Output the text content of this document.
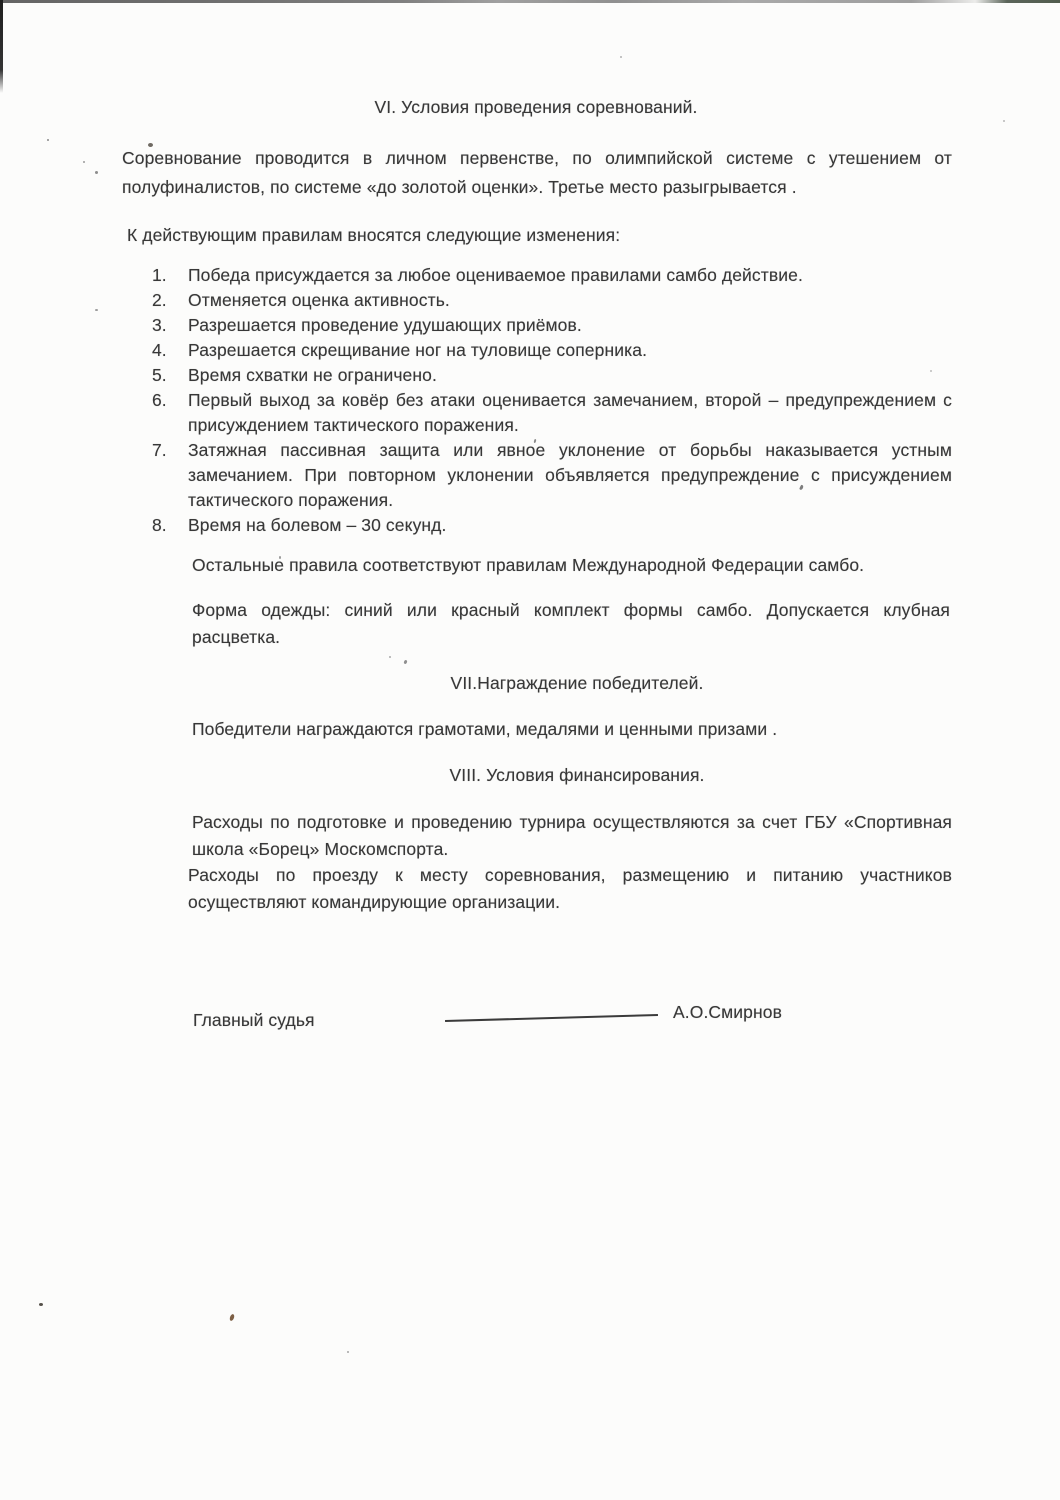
VI. Условия проведения соревнований.

Соревнование проводится в личном первенстве, по олимпийской системе с утешением от полуфиналистов, по системе «до золотой оценки». Третье место разыгрывается .

К действующим правилам вносятся следующие изменения:

1.	Победа присуждается за любое оцениваемое правилами самбо действие.
2.	Отменяется оценка активность.
3.	Разрешается проведение удушающих приёмов.
4.	Разрешается скрещивание ног на туловище соперника.
5.	Время схватки не ограничено.
6.	Первый выход за ковёр без атаки оценивается замечанием, второй – предупреждением с присуждением тактического поражения.
7.	Затяжная пассивная защита или явное уклонение от борьбы наказывается устным замечанием. При повторном уклонении объявляется предупреждение с присуждением тактического поражения.
8.	Время на болевом – 30 секунд.

Остальные правила соответствуют правилам Международной Федерации самбо.

Форма одежды: синий или красный комплект формы самбо. Допускается клубная расцветка.

VII.Награждение победителей.

Победители награждаются грамотами, медалями и ценными призами .

VIII. Условия финансирования.

Расходы по подготовке и проведению турнира осуществляются за счет ГБУ «Спортивная школа «Борец» Москомспорта.

Расходы по проезду к месту соревнования, размещению и питанию участников осуществляют командирующие организации.

Главный судья	А.О.Смирнов
